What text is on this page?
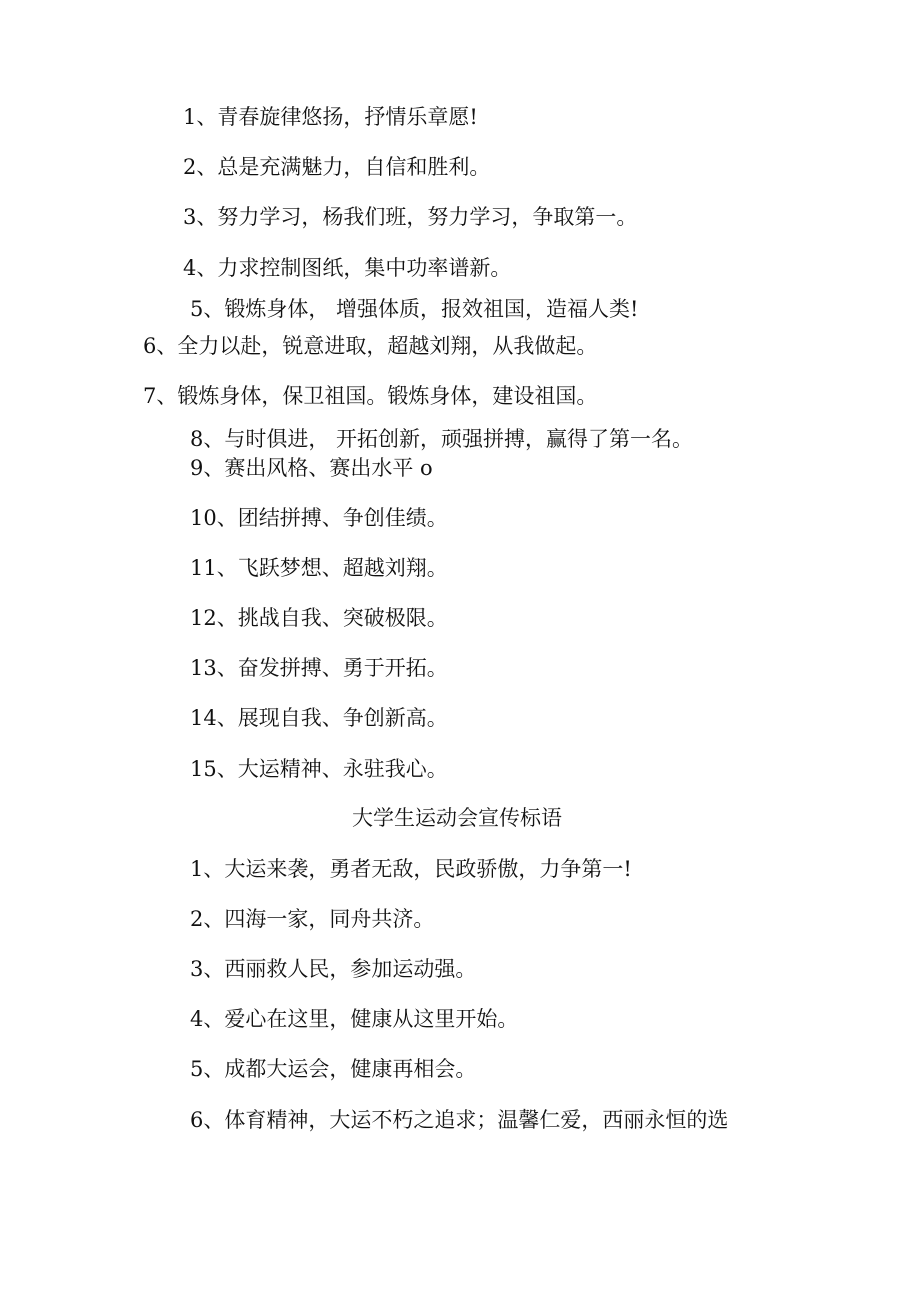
1、青春旋律悠扬，抒情乐章愿!
2、总是充满魅力，自信和胜利。
3、努力学习，杨我们班，努力学习，争取第一。
4、力求控制图纸，集中功率谱新。
5、锻炼身体， 增强体质，报效祖国，造福人类!
6、全力以赴，锐意进取，超越刘翔，从我做起。
7、锻炼身体，保卫祖国。锻炼身体，建设祖国。
8、与时俱进， 开拓创新，顽强拼搏，赢得了第一名。
9、赛出风格、赛出水平 o
10、团结拼搏、争创佳绩。
11、飞跃梦想、超越刘翔。
12、挑战自我、突破极限。
13、奋发拼搏、勇于开拓。
14、展现自我、争创新高。
15、大运精神、永驻我心。
大学生运动会宣传标语
1、大运来袭，勇者无敌，民政骄傲，力争第一!
2、四海一家，同舟共济。
3、西丽救人民，参加运动强。
4、爱心在这里，健康从这里开始。
5、成都大运会，健康再相会。
6、体育精神，大运不朽之追求；温馨仁爱，西丽永恒的选
